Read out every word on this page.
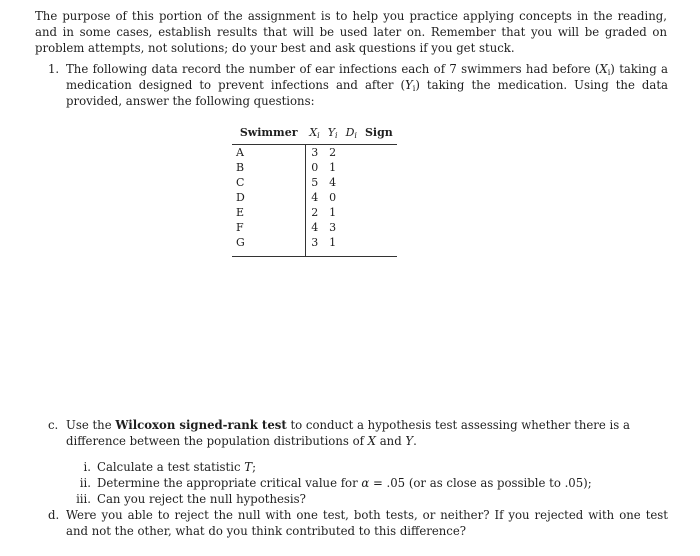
The purpose of this portion of the assignment is to help you practice applying concepts in the reading, and in some cases, establish results that will be used later on. Remember that you will be graded on problem attempts, not solutions; do your best and ask questions if you get stuck.

1. The following data record the number of ear infections each of 7 swimmers had before $(X_i)$ taking a medication designed to prevent infections and after $(Y_i)$ taking the medication. Using the data provided, answer the following questions:

Swimmer	$X_i$	$Y_i$	$D_i$	Sign
A	3	2		
B	0	1		
C	5	4		
D	4	0		
E	2	1		
F	4	3		
G	3	1		
c. Use the Wilcoxon signed-rank test to conduct a hypothesis test assessing whether there is a difference between the population distributions of X and Y.

i. Calculate a test statistic T;
ii. Determine the appropriate critical value for α = .05 (or as close as possible to .05);
iii. Can you reject the null hypothesis?
d. Were you able to reject the null with one test, both tests, or neither? If you rejected with one test and not the other, what do you think contributed to this difference?
